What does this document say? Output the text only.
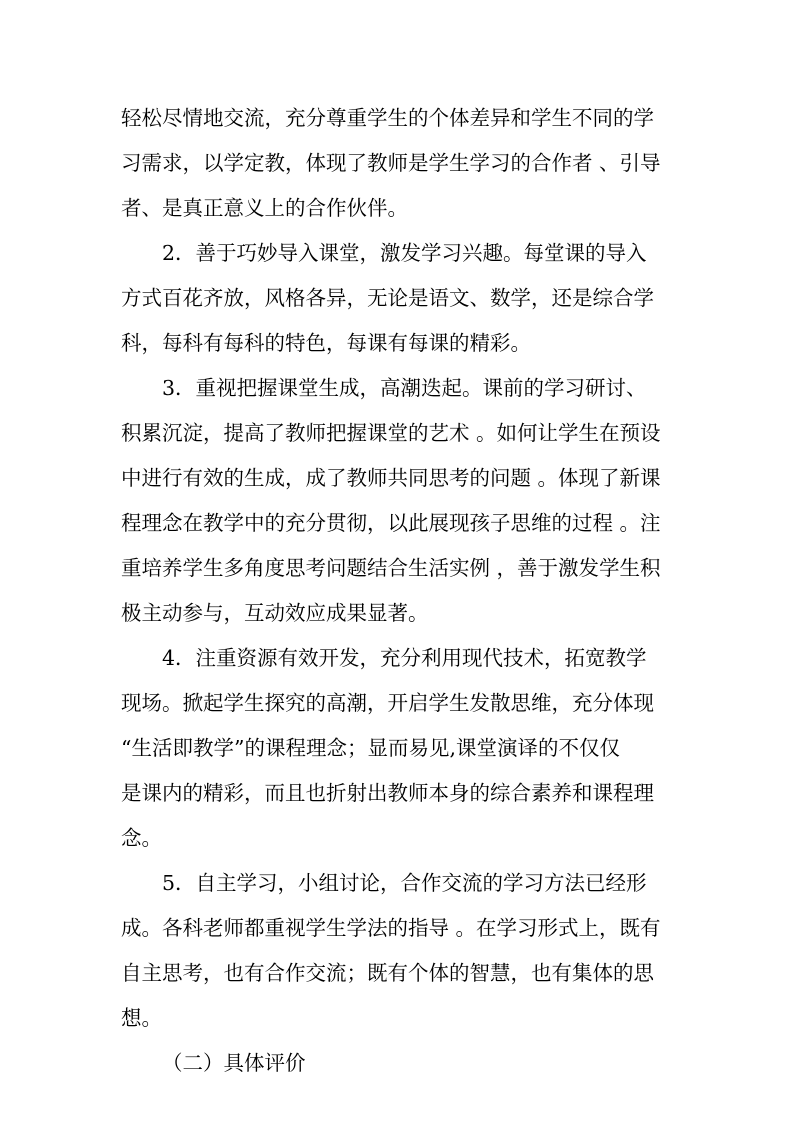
轻松尽情地交流，充分尊重学生的个体差异和学生不同的学
习需求，以学定教，体现了教师是学生学习的合作者 、引导
者、是真正意义上的合作伙伴。
2．善于巧妙导入课堂，激发学习兴趣。每堂课的导入
方式百花齐放，风格各异，无论是语文、数学，还是综合学
科，每科有每科的特色，每课有每课的精彩。
3．重视把握课堂生成，高潮迭起。课前的学习研讨、
积累沉淀，提高了教师把握课堂的艺术 。如何让学生在预设
中进行有效的生成，成了教师共同思考的问题 。体现了新课
程理念在教学中的充分贯彻，以此展现孩子思维的过程 。注
重培养学生多角度思考问题结合生活实例 ，善于激发学生积
极主动参与，互动效应成果显著。
4．注重资源有效开发，充分利用现代技术，拓宽教学
现场。掀起学生探究的高潮，开启学生发散思维，充分体现
“生活即教学”的课程理念；显而易见,课堂演译的不仅仅
是课内的精彩，而且也折射出教师本身的综合素养和课程理
念。
5．自主学习，小组讨论，合作交流的学习方法已经形
成。各科老师都重视学生学法的指导 。在学习形式上，既有
自主思考，也有合作交流；既有个体的智慧，也有集体的思
想。
（二）具体评价
